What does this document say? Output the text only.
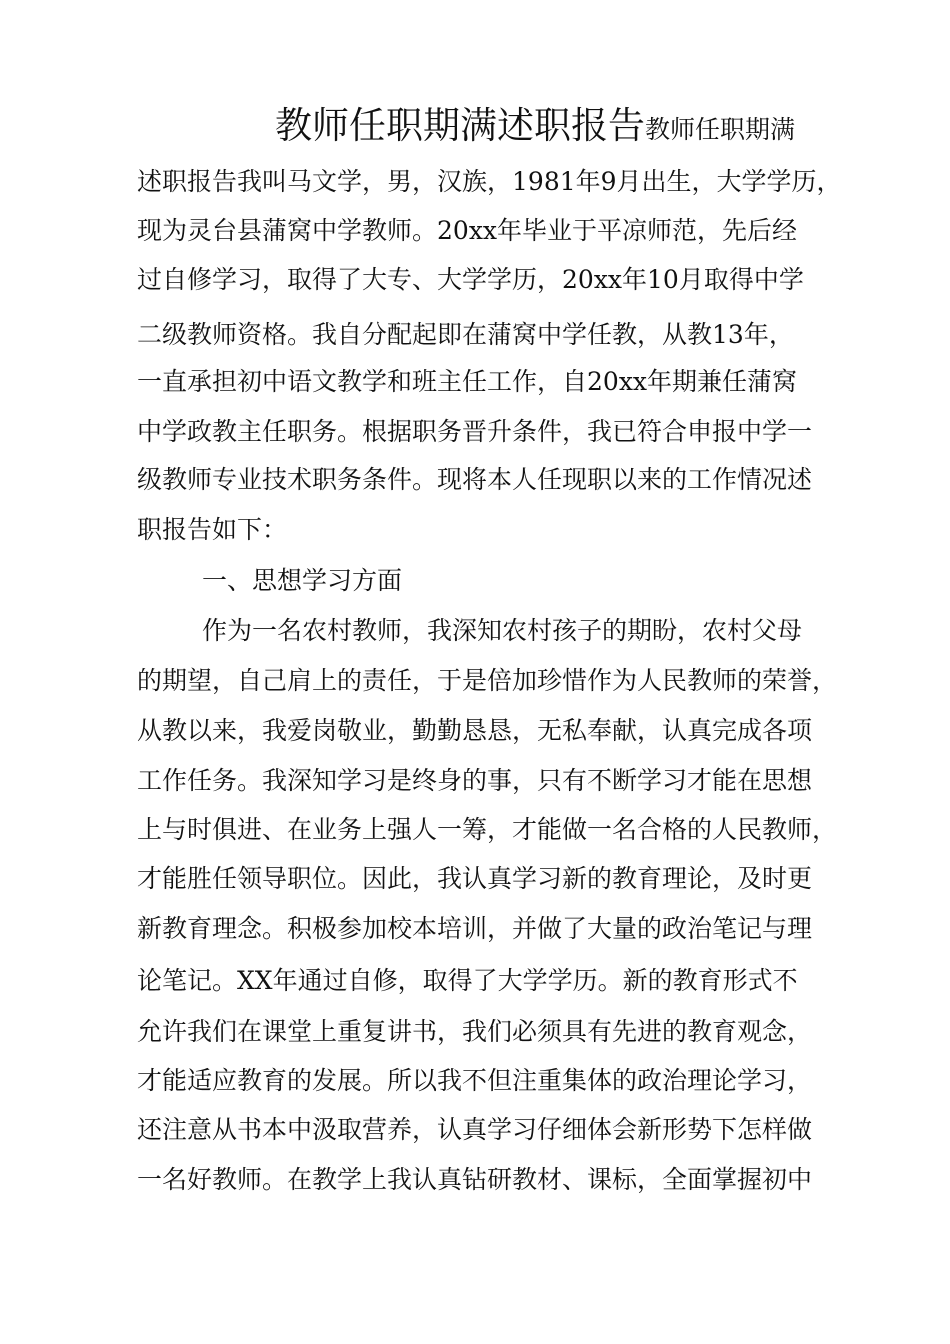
教师任职期满述职报告教师任职期满
述职报告我叫马文学，男，汉族，1981年9月出生，大学学历，
现为灵台县蒲窝中学教师。20xx年毕业于平凉师范，先后经
过自修学习，取得了大专、大学学历，20xx年10月取得中学
二级教师资格。我自分配起即在蒲窝中学任教，从教13年，
一直承担初中语文教学和班主任工作，自20xx年期兼任蒲窝
中学政教主任职务。根据职务晋升条件，我已符合申报中学一
级教师专业技术职务条件。现将本人任现职以来的工作情况述
职报告如下：
一、思想学习方面
作为一名农村教师，我深知农村孩子的期盼，农村父母
的期望，自己肩上的责任，于是倍加珍惜作为人民教师的荣誉，
从教以来，我爱岗敬业，勤勤恳恳，无私奉献，认真完成各项
工作任务。我深知学习是终身的事，只有不断学习才能在思想
上与时俱进、在业务上强人一筹，才能做一名合格的人民教师，
才能胜任领导职位。因此，我认真学习新的教育理论，及时更
新教育理念。积极参加校本培训，并做了大量的政治笔记与理
论笔记。XX年通过自修，取得了大学学历。新的教育形式不
允许我们在课堂上重复讲书，我们必须具有先进的教育观念，
才能适应教育的发展。所以我不但注重集体的政治理论学习，
还注意从书本中汲取营养，认真学习仔细体会新形势下怎样做
一名好教师。在教学上我认真钻研教材、课标，全面掌握初中
